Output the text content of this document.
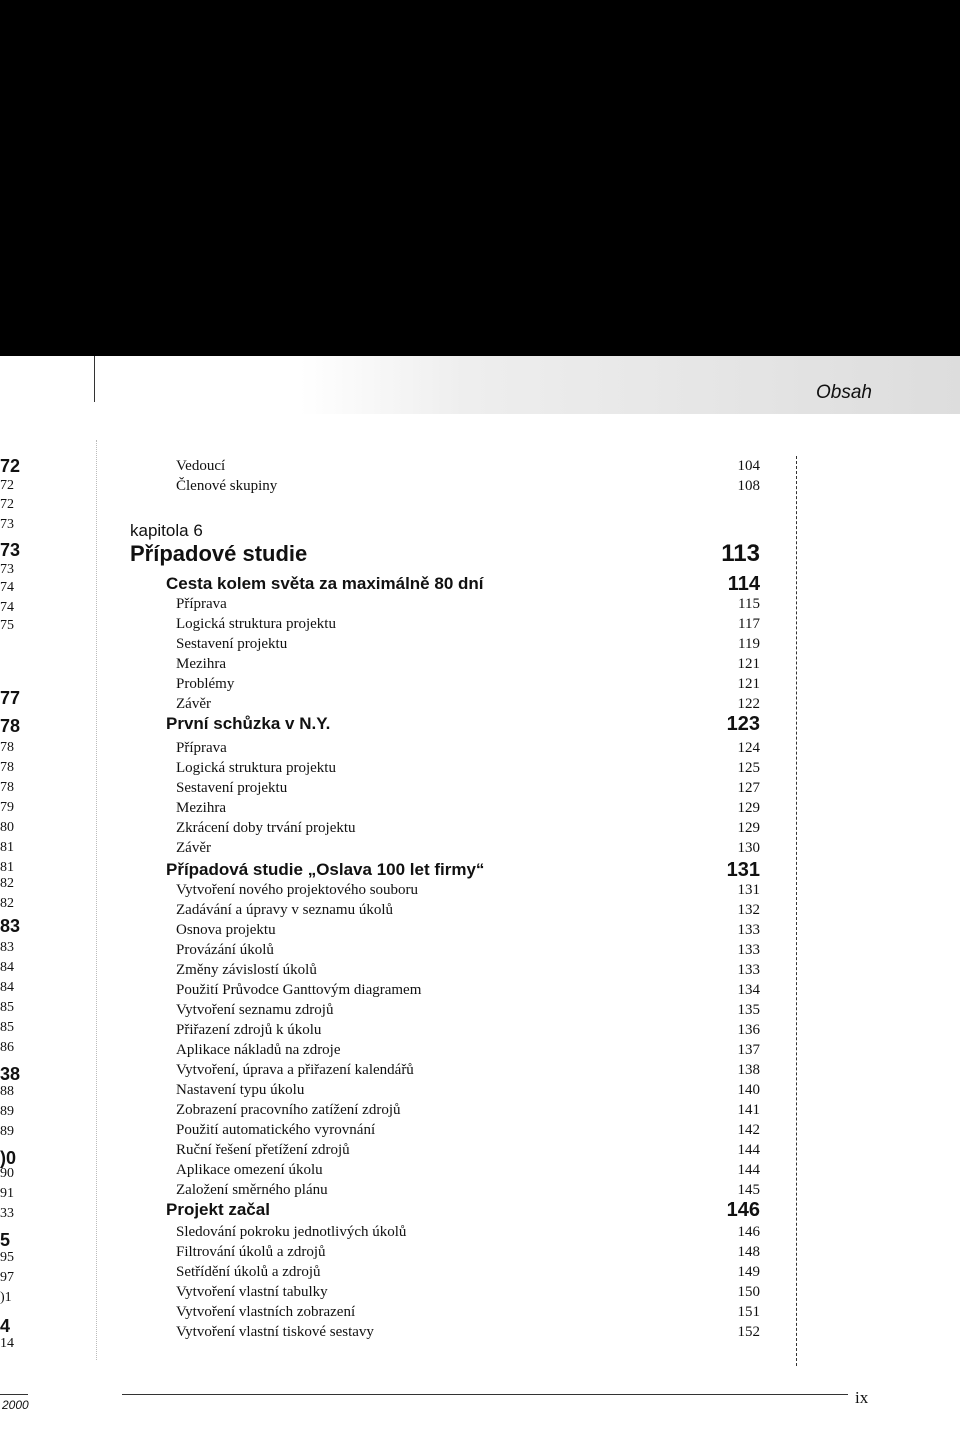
Obsah
72
72
72
73
73
73
74
74
75
77
78
78
78
78
79
80
81
81
82
82
83
83
84
84
85
85
86
38
88
89
89
)0
90
91
33
5
95
97
)1
4
14
kapitola 6
Vedoucí	104
Členové skupiny	108
Případové studie	113
Cesta kolem světa za maximálně 80 dní	114
Příprava	115
Logická struktura projektu	117
Sestavení projektu	119
Mezihra	121
Problémy	121
Závěr	122
První schůzka v N.Y.	123
Příprava	124
Logická struktura projektu	125
Sestavení projektu	127
Mezihra	129
Zkrácení doby trvání projektu	129
Závěr	130
Případová studie „Oslava 100 let firmy“	131
Vytvoření nového projektového souboru	131
Zadávání a úpravy v seznamu úkolů	132
Osnova projektu	133
Provázání úkolů	133
Změny závislostí úkolů	133
Použití Průvodce Ganttovým diagramem	134
Vytvoření seznamu zdrojů	135
Přiřazení zdrojů k úkolu	136
Aplikace nákladů na zdroje	137
Vytvoření, úprava a přiřazení kalendářů	138
Nastavení typu úkolu	140
Zobrazení pracovního zatížení zdrojů	141
Použití automatického vyrovnání	142
Ruční řešení přetížení zdrojů	144
Aplikace omezení úkolu	144
Založení směrného plánu	145
Projekt začal	146
Sledování pokroku jednotlivých úkolů	146
Filtrování úkolů a zdrojů	148
Setřídění úkolů a zdrojů	149
Vytvoření vlastní tabulky	150
Vytvoření vlastních zobrazení	151
Vytvoření vlastní tiskové sestavy	152
2000	ix
